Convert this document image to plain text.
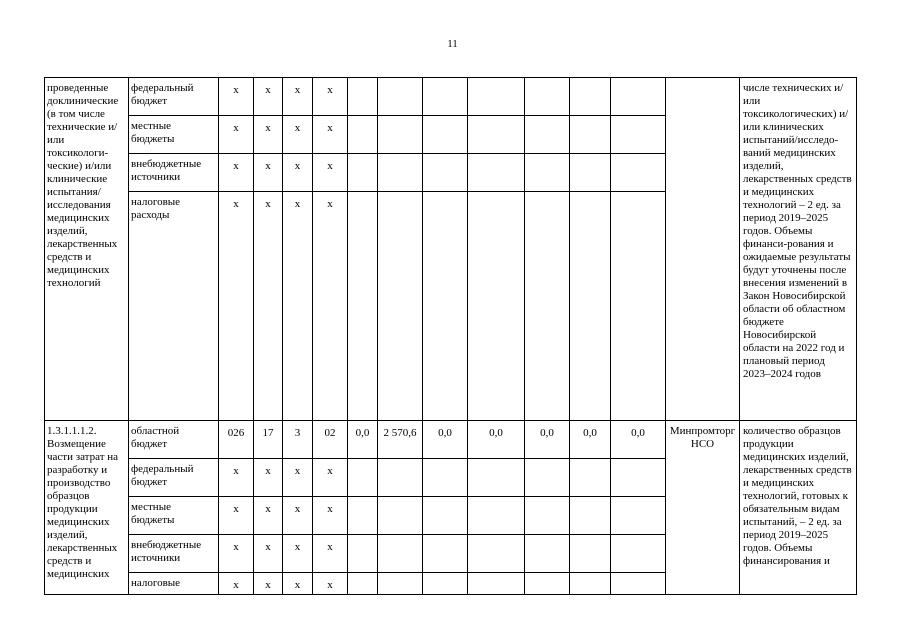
11
проведенные доклинические (в том числе технические и/или токсикологи-ческие) и/или клинические испытания/ исследования медицинских изделий, лекарственных средств и медицинских технологий	федеральный бюджет	х	х	х	х									числе технических и/или токсикологических) и/или клинических испытаний/исследо-ваний медицинских изделий, лекарственных средств и медицинских технологий – 2 ед. за период 2019–2025 годов. Объемы финанси-рования и ожидаемые результаты будут уточнены после внесения изменений в Закон Новосибирской области об областном бюджете Новосибирской области на 2022 год и плановый период 2023–2024 годов
	местные бюджеты	х	х	х	х									
	внебюджетные источники	х	х	х	х									
	налоговые расходы	х	х	х	х									
1.3.1.1.1.2. Возмещение части затрат на разработку и производство образцов продукции медицинских изделий, лекарственных средств и медицинских	областной бюджет	026	17	3	02	0,0	2 570,6	0,0	0,0	0,0	0,0	0,0	Минпромторг НСО	количество образцов продукции медицинских изделий, лекарственных средств и медицинских технологий, готовых к обязательным видам испытаний, – 2 ед. за период 2019–2025 годов. Объемы финансирования и
	федеральный бюджет	х	х	х	х									
	местные бюджеты	х	х	х	х									
	внебюджетные источники	х	х	х	х									
	налоговые	х	х	х	х									
